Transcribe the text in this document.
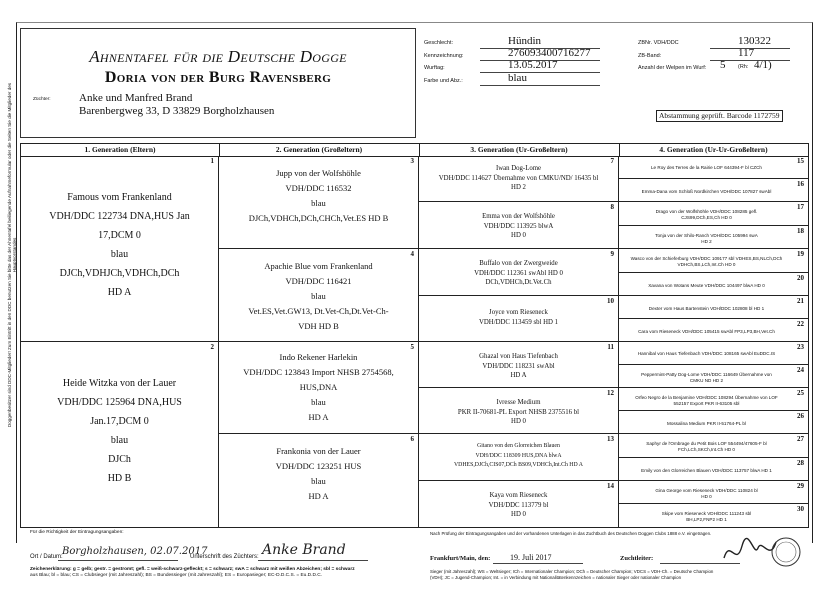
Doggenbesitzer sind DDC-Mitglieder! Zum Eintritt in den DDC benutzen Sie bitte das der Ahnentafel beiliegende Aufnahmeformular oder die Seiten Sie die Mitglieder des Hauptvorstandes
Ahnentafel für die Deutsche Dogge
Doria von der Burg Ravensberg
Züchter:	Anke und Manfred Brand
Barenbergweg 33, D 33829 Borgholzhausen
Geschlecht:	Hündin
Kennzeichnung:	276093400716277
Wurftag:	13.05.2017
Farbe und Abz.:	blau
ZBNr. VDH/DDC	130322
ZB-Band:	117
Anzahl der Welpen im Wurf: 5 (Rh: 4/1)
Abstammung geprüft. Barcode 1172759
1. Generation (Eltern)	2. Generation (Großeltern)	3. Generation (Ur-Großeltern)	4. Generation (Ur-Ur-Großeltern)
1
Famous vom Frankenland
VDH/DDC 122734 DNA,HUS Jan
17,DCM 0
blau
DJCh,VDHJCh,VDHCh,DCh
HD A
2
Heide Witzka von der Lauer
VDH/DDC 125964 DNA,HUS
Jan.17,DCM 0
blau
DJCh
HD B
3
Jupp von der Wolfshöhle
VDH/DDC 116532
blau
DJCh,VDHCh,DCh,CHCh,Vet.ES HD B
4
Apachie Blue vom Frankenland
VDH/DDC 116421
blau
Vet.ES,Vet.GW13, Dt.Vet-Ch,Dt.Vet-Ch-
VDH HD B
5
Indo Rekener Harlekin
VDH/DDC 123843 Import NHSB 2754568,
HUS,DNA
blau
HD A
6
Frankonia von der Lauer
VDH/DDC 123251 HUS
blau
HD A
7
Iwan Dog-Lome
VDH/DDC 114627 Übernahme von CMKU/ND/ 16435 bl
HD 2
8
Emma von der Wolfshöhle
VDH/DDC 113925 blwA
HD 0
9
Buffalo von der Zwergweide
VDH/DDC 112361 swAbl HD 0
DCh,VDHCh,Dt.Vet.Ch
10
Joyce vom Rieseneck
VDH/DDC 113459 sbl HD 1
11
Ghazal von Haus Tiefenbach
VDH/DDC 118231 swAbl
HD A
12
Ivresse Medium
PKR II-70681-PL Export NHSB 2375516 bl
HD 0
13
Gitano von den Glorreichen Blauen
VDH/DDC 118309 HUS,DNA blwA
VDHES,DJCh,CIS07,DCh BS09,VDHCh,Int.Ch HD A
14
Kaya vom Rieseneck
VDH/DDC 113779 bl
HD 0
15
Le Roy des Terres de la Rairie LOF 644394-F bl CZCh
16
Emma-Dana vom Schloß Nordkirchen VDH/DDC 107827 swAbl
17
Drago von der Wolfshöhle VDH/DDC 108285 gefl.
CJS99,DCh,ES,Ch HD 0
18
Tonja von der Shilo-Ranch VDH/DDC 105994 swA
HD 2
19
Wasco von der Schieferburg VDH/DDC 109177 sbl VDHES,BS,NLCh,DCh
VDHCh,BS,LCh,Int.Ch HD 0
20
Xavana von Wotans Meute VDH/DDC 104497 blwA HD 0
21
Dexter vom Haus Bartenstein VDH/DDC 102808 bl HD 1
22
Cara vom Rieseneck VDH/DDC 105415 swAbl FP3,LP3,BH,Vet.Ch
23
Hannibal von Haus Tiefenbach VDH/DDC 108165 swAbl EuDDC.IS
24
Peppermint-Patty Dog-Lome VDH/DDC 116649 Übernahme von
CMKU ND HD 2
25
Orfeo Negro de la Benjamine VDH/DDC 108294 Übernahme von LOF
552157 Export PKR II-63105 sbl
26
Mossalina Medium PKR II-51764-PL bl
27
Saphyr de l'Ombrage du Petit Bois LOF 554494/47605-F bl
FCh,LCh,SKCh,Int.Ch HD 0
28
Emily von den Glorreichen Blauen VDH/DDC 113757 blwA HD 1
29
Gina George vom Rieseneck VDH/DDC 110824 bl
HD 0
30
Skipe vom Rieseneck VDH/DDC 111243 sbl
BH,LP2,FNP2 HD 1
Für die Richtigkeit der Eintragungsangaben:
Ort / Datum: Borgholzhausen, 02.07.2017
Unterschrift des Züchters: Anke Brand
Zeichenerklärung: g = gelb; gestr. = gestromt; gefl. = weiß-schwarz-gefleckt; s = schwarz; swA = schwarz mit weißen Abzeichen; sbl = schwarz
aus Blau; bl = blau; CS = Clubsieger (mit Jahreszahl); BS = Bundessieger (mit Jahreszahl); ES = Europasieger; EC-D.D.C.S. = Eu.D.D.C.
Nach Prüfung der Eintragungsangaben und der vorhandenen Unterlagen in das Zuchtbuch des Deutschen Doggen Clubs 1888 e.V. eingetragen.
Frankfurt/Main, den: 19. Juli 2017	Zuchtleiter:
Sieger (mit Jahreszahl); WS = Weltsieger; ICh = Internationaler Champion; DCh = Deutscher Champion; VDCS = VDH-Ch. = Deutsche Champion
(VDH); JC = Jugend-Champion; Int. = in Verbindung mit Nationalitätenkennzeichen = nationaler Sieger oder nationaler Champion
